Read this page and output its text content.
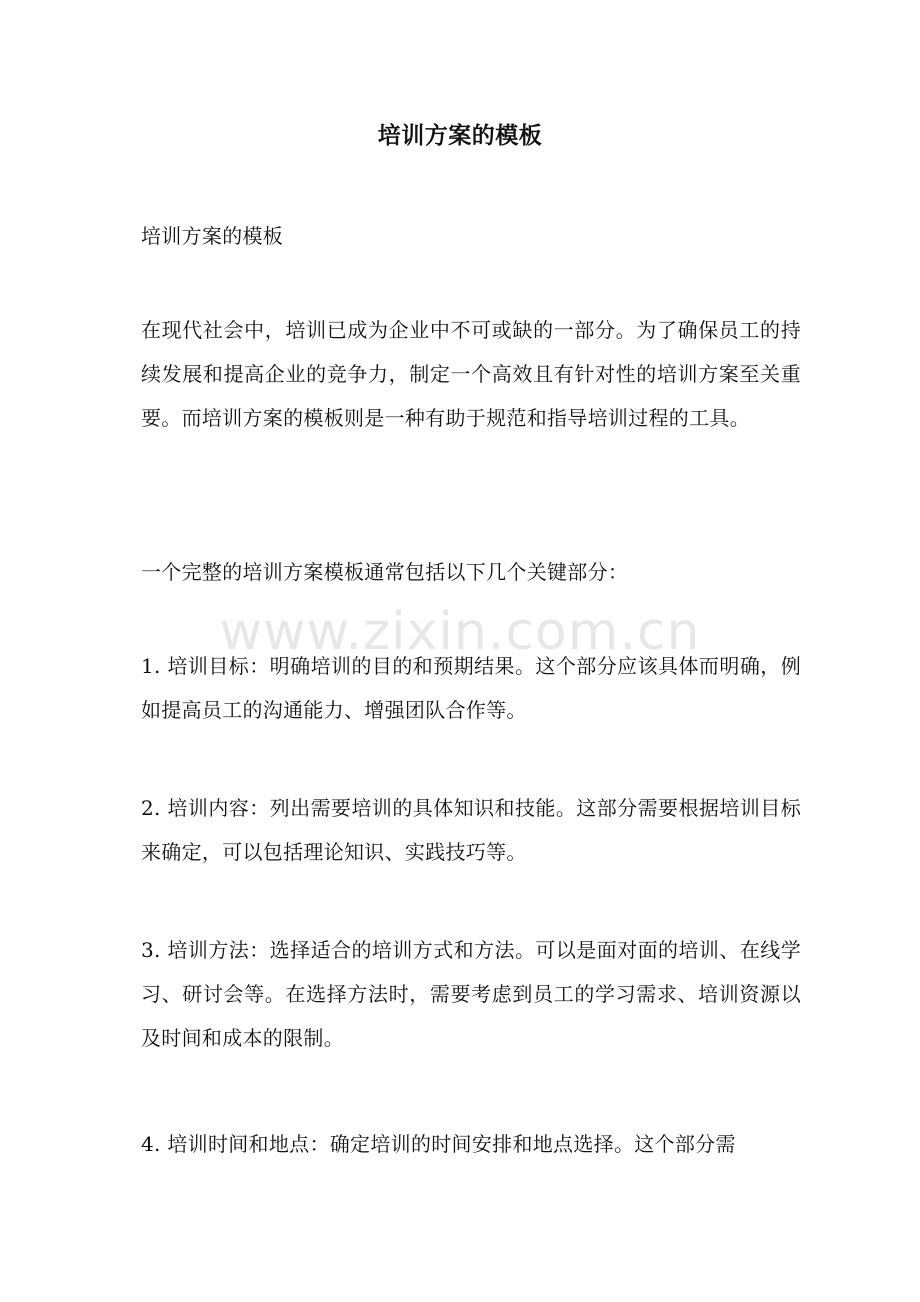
培训方案的模板

培训方案的模板

在现代社会中，培训已成为企业中不可或缺的一部分。为了确保员工的持续发展和提高企业的竞争力，制定一个高效且有针对性的培训方案至关重要。而培训方案的模板则是一种有助于规范和指导培训过程的工具。

一个完整的培训方案模板通常包括以下几个关键部分：

1. 培训目标：明确培训的目的和预期结果。这个部分应该具体而明确，例如提高员工的沟通能力、增强团队合作等。

2. 培训内容：列出需要培训的具体知识和技能。这部分需要根据培训目标来确定，可以包括理论知识、实践技巧等。

3. 培训方法：选择适合的培训方式和方法。可以是面对面的培训、在线学习、研讨会等。在选择方法时，需要考虑到员工的学习需求、培训资源以及时间和成本的限制。

4. 培训时间和地点：确定培训的时间安排和地点选择。这个部分需

www.zixin.com.cn
